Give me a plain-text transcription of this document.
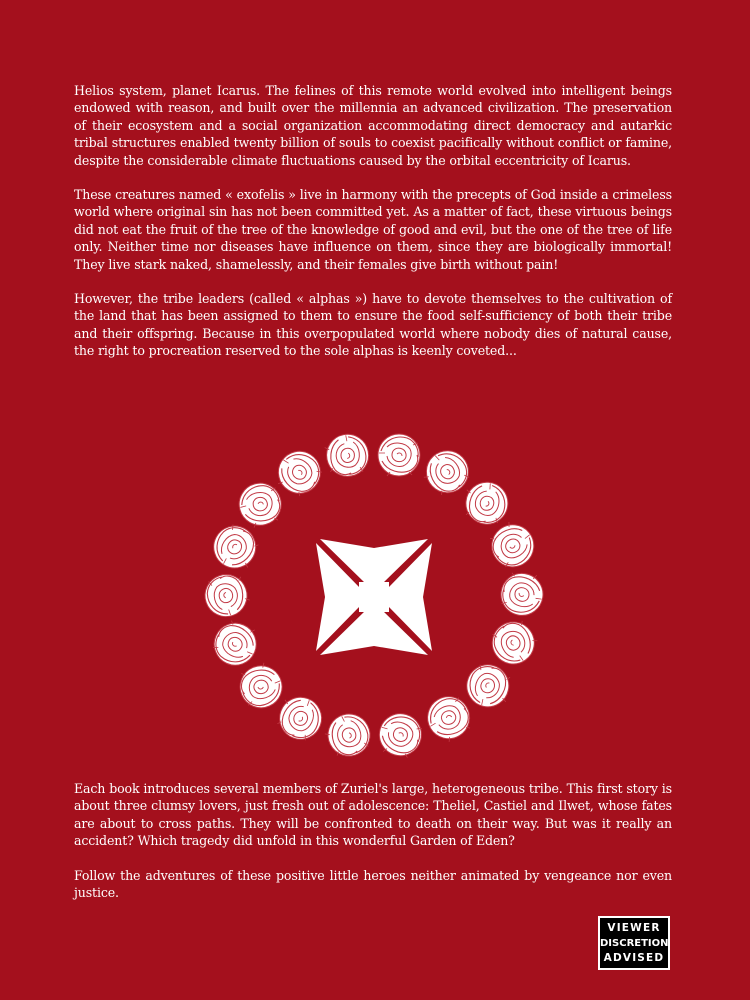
Helios system, planet Icarus. The felines of this remote world evolved into intelligent beings endowed with reason, and built over the millennia an advanced civilization. The preservation of their ecosystem and a social organization accommodating direct democracy and autarkic tribal structures enabled twenty billion of souls to coexist pacifically without conflict or famine, despite the considerable climate fluctuations caused by the orbital eccentricity of Icarus.

These creatures named « exofelis » live in harmony with the precepts of God inside a crimeless world where original sin has not been committed yet. As a matter of fact, these virtuous beings did not eat the fruit of the tree of the knowledge of good and evil, but the one of the tree of life only. Neither time nor diseases have influence on them, since they are biologically immortal! They live stark naked, shamelessly, and their females give birth without pain!

However, the tribe leaders (called « alphas ») have to devote themselves to the cultivation of the land that has been assigned to them to ensure the food self-sufficiency of both their tribe and their offspring. Because in this overpopulated world where nobody dies of natural cause, the right to procreation reserved to the sole alphas is keenly coveted...

Each book introduces several members of Zuriel's large, heterogeneous tribe. This first story is about three clumsy lovers, just fresh out of adolescence: Theliel, Castiel and Ilwet, whose fates are about to cross paths. They will be confronted to death on their way. But was it really an accident? Which tragedy did unfold in this wonderful Garden of Eden?

Follow the adventures of these positive little heroes neither animated by vengeance nor even justice.

VIEWER
DISCRETION
ADVISED
